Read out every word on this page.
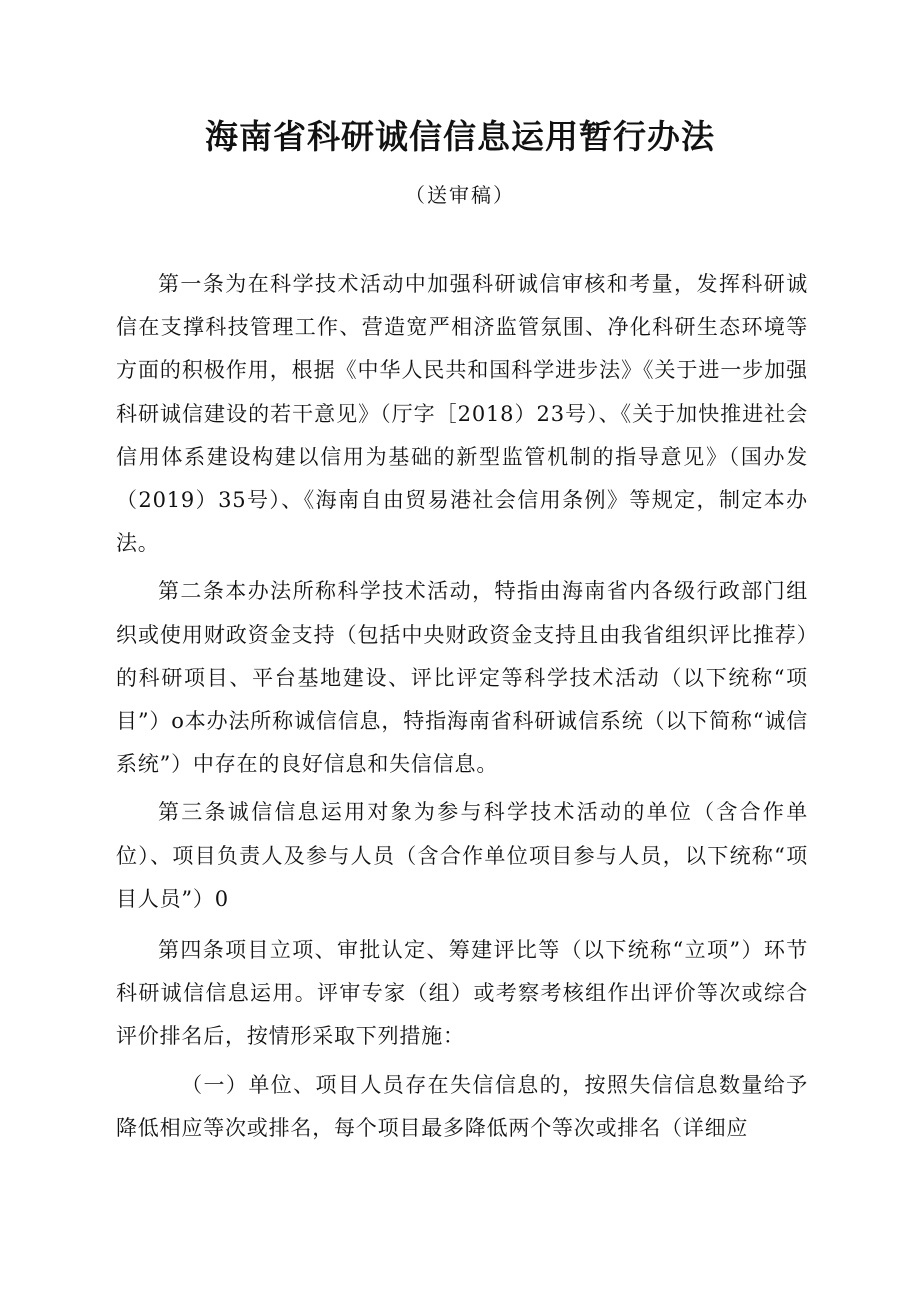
海南省科研诚信信息运用暂行办法
（送审稿）

第一条为在科学技术活动中加强科研诚信审核和考量，发挥科研诚信在支撑科技管理工作、营造宽严相济监管氛围、净化科研生态环境等方面的积极作用，根据《中华人民共和国科学进步法》《关于进一步加强科研诚信建设的若干意见》（厅字［2018）23号）、《关于加快推进社会信用体系建设构建以信用为基础的新型监管机制的指导意见》（国办发（2019）35号）、《海南自由贸易港社会信用条例》等规定，制定本办法。

第二条本办法所称科学技术活动，特指由海南省内各级行政部门组织或使用财政资金支持（包括中央财政资金支持且由我省组织评比推荐）的科研项目、平台基地建设、评比评定等科学技术活动（以下统称“项目”）o本办法所称诚信信息，特指海南省科研诚信系统（以下简称“诚信系统”）中存在的良好信息和失信信息。

第三条诚信信息运用对象为参与科学技术活动的单位（含合作单位）、项目负责人及参与人员（含合作单位项目参与人员，以下统称“项目人员”）0

第四条项目立项、审批认定、筹建评比等（以下统称“立项”）环节科研诚信信息运用。评审专家（组）或考察考核组作出评价等次或综合评价排名后，按情形采取下列措施：

（一）单位、项目人员存在失信信息的，按照失信信息数量给予降低相应等次或排名，每个项目最多降低两个等次或排名（详细应
